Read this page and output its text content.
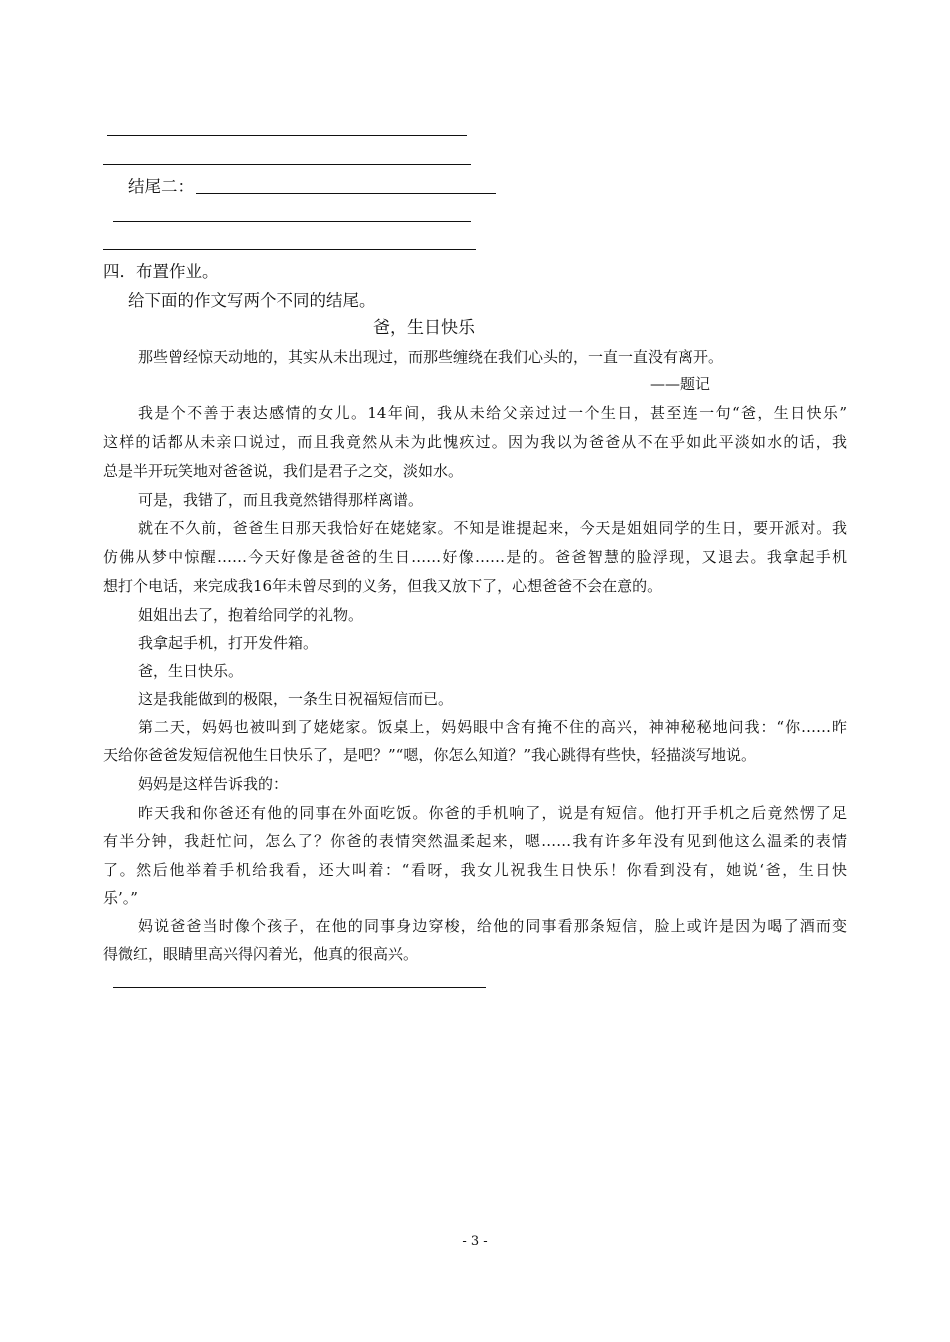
结尾二：
四．布置作业。
给下面的作文写两个不同的结尾。
爸，生日快乐
那些曾经惊天动地的，其实从未出现过，而那些缠绕在我们心头的，一直一直没有离开。
——题记
我是个不善于表达感情的女儿。14年间，我从未给父亲过过一个生日，甚至连一句“爸，生日快乐”
这样的话都从未亲口说过，而且我竟然从未为此愧疚过。因为我以为爸爸从不在乎如此平淡如水的话，我
总是半开玩笑地对爸爸说，我们是君子之交，淡如水。
可是，我错了，而且我竟然错得那样离谱。
就在不久前，爸爸生日那天我恰好在姥姥家。不知是谁提起来，今天是姐姐同学的生日，要开派对。我
仿佛从梦中惊醒……今天好像是爸爸的生日……好像……是的。爸爸智慧的脸浮现，又退去。我拿起手机
想打个电话，来完成我16年未曾尽到的义务，但我又放下了，心想爸爸不会在意的。
姐姐出去了，抱着给同学的礼物。
我拿起手机，打开发件箱。
爸，生日快乐。
这是我能做到的极限，一条生日祝福短信而已。
第二天，妈妈也被叫到了姥姥家。饭桌上，妈妈眼中含有掩不住的高兴，神神秘秘地问我：“你……昨
天给你爸爸发短信祝他生日快乐了，是吧？”“嗯，你怎么知道？”我心跳得有些快，轻描淡写地说。
妈妈是这样告诉我的：
昨天我和你爸还有他的同事在外面吃饭。你爸的手机响了，说是有短信。他打开手机之后竟然愣了足
有半分钟，我赶忙问，怎么了？你爸的表情突然温柔起来，嗯……我有许多年没有见到他这么温柔的表情
了。然后他举着手机给我看，还大叫着：“看呀，我女儿祝我生日快乐！你看到没有，她说‘爸，生日快
乐’。”
妈说爸爸当时像个孩子，在他的同事身边穿梭，给他的同事看那条短信，脸上或许是因为喝了酒而变
得微红，眼睛里高兴得闪着光，他真的很高兴。
- 3 -
